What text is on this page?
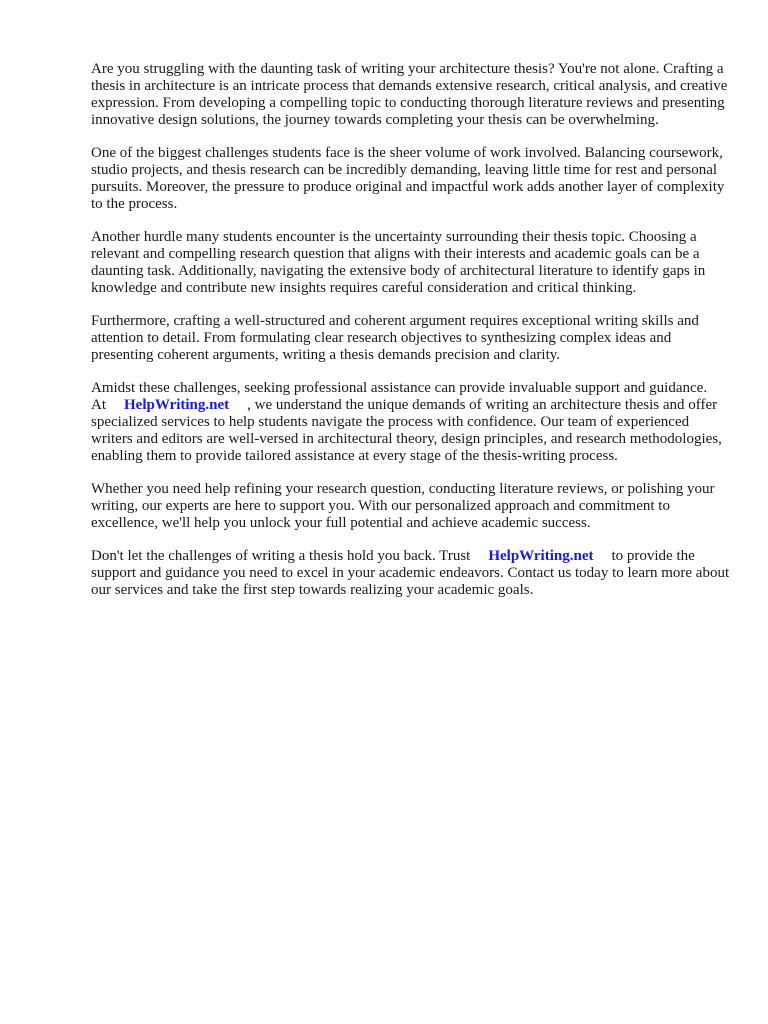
Are you struggling with the daunting task of writing your architecture thesis? You're not alone. Crafting a thesis in architecture is an intricate process that demands extensive research, critical analysis, and creative expression. From developing a compelling topic to conducting thorough literature reviews and presenting innovative design solutions, the journey towards completing your thesis can be overwhelming.

One of the biggest challenges students face is the sheer volume of work involved. Balancing coursework, studio projects, and thesis research can be incredibly demanding, leaving little time for rest and personal pursuits. Moreover, the pressure to produce original and impactful work adds another layer of complexity to the process.

Another hurdle many students encounter is the uncertainty surrounding their thesis topic. Choosing a relevant and compelling research question that aligns with their interests and academic goals can be a daunting task. Additionally, navigating the extensive body of architectural literature to identify gaps in knowledge and contribute new insights requires careful consideration and critical thinking.

Furthermore, crafting a well-structured and coherent argument requires exceptional writing skills and attention to detail. From formulating clear research objectives to synthesizing complex ideas and presenting coherent arguments, writing a thesis demands precision and clarity.

Amidst these challenges, seeking professional assistance can provide invaluable support and guidance. At HelpWriting.net , we understand the unique demands of writing an architecture thesis and offer specialized services to help students navigate the process with confidence. Our team of experienced writers and editors are well-versed in architectural theory, design principles, and research methodologies, enabling them to provide tailored assistance at every stage of the thesis-writing process.

Whether you need help refining your research question, conducting literature reviews, or polishing your writing, our experts are here to support you. With our personalized approach and commitment to excellence, we'll help you unlock your full potential and achieve academic success.

Don't let the challenges of writing a thesis hold you back. Trust HelpWriting.net to provide the support and guidance you need to excel in your academic endeavors. Contact us today to learn more about our services and take the first step towards realizing your academic goals.
